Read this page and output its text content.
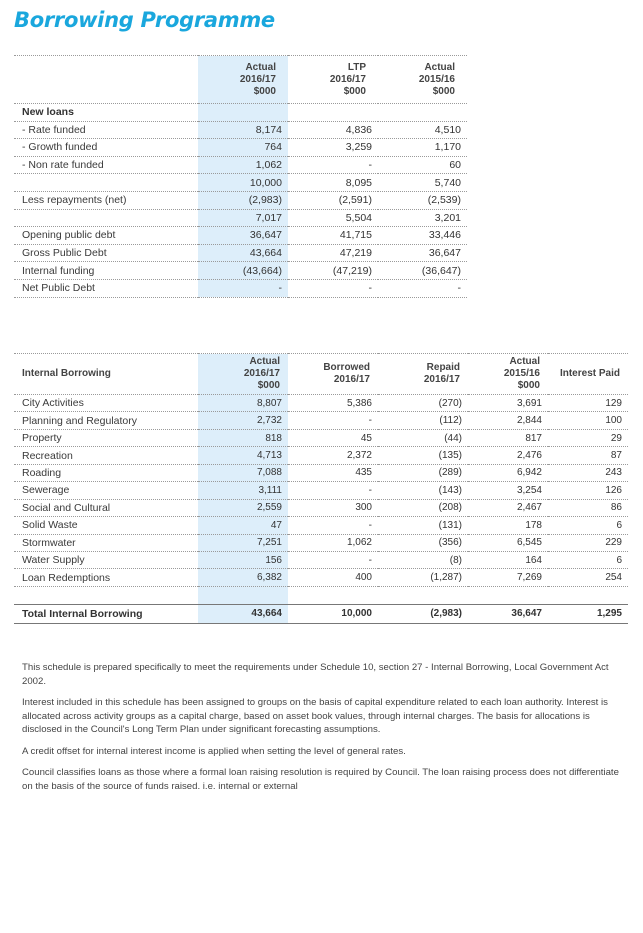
Borrowing Programme
	Actual
2016/17
$000	LTP
2016/17
$000	Actual
2015/16
$000
New loans			
- Rate funded	8,174	4,836	4,510
- Growth funded	764	3,259	1,170
- Non rate funded	1,062	-	60
	10,000	8,095	5,740
Less repayments (net)	(2,983)	(2,591)	(2,539)
	7,017	5,504	3,201
Opening public debt	36,647	41,715	33,446
Gross Public Debt	43,664	47,219	36,647
Internal funding	(43,664)	(47,219)	(36,647)
Net Public Debt	-	-	-
Internal Borrowing	Actual
2016/17
$000	Borrowed
2016/17	Repaid
2016/17	Actual
2015/16
$000	Interest Paid
City Activities	8,807	5,386	(270)	3,691	129
Planning and Regulatory	2,732	-	(112)	2,844	100
Property	818	45	(44)	817	29
Recreation	4,713	2,372	(135)	2,476	87
Roading	7,088	435	(289)	6,942	243
Sewerage	3,111	-	(143)	3,254	126
Social and Cultural	2,559	300	(208)	2,467	86
Solid Waste	47	-	(131)	178	6
Stormwater	7,251	1,062	(356)	6,545	229
Water Supply	156	-	(8)	164	6
Loan Redemptions	6,382	400	(1,287)	7,269	254

Total Internal Borrowing	43,664	10,000	(2,983)	36,647	1,295

This schedule is prepared specifically to meet the requirements under Schedule 10, section 27 - Internal Borrowing, Local Government Act 2002.

Interest included in this schedule has been assigned to groups on the basis of capital expenditure related to each loan authority. Interest is allocated across activity groups as a capital charge, based on asset book values, through internal charges. The basis for allocations is disclosed in the Council's Long Term Plan under significant forecasting assumptions.

A credit offset for internal interest income is applied when setting the level of general rates.

Council classifies loans as those where a formal loan raising resolution is required by Council. The loan raising process does not differentiate on the basis of the source of funds raised. i.e. internal or external
